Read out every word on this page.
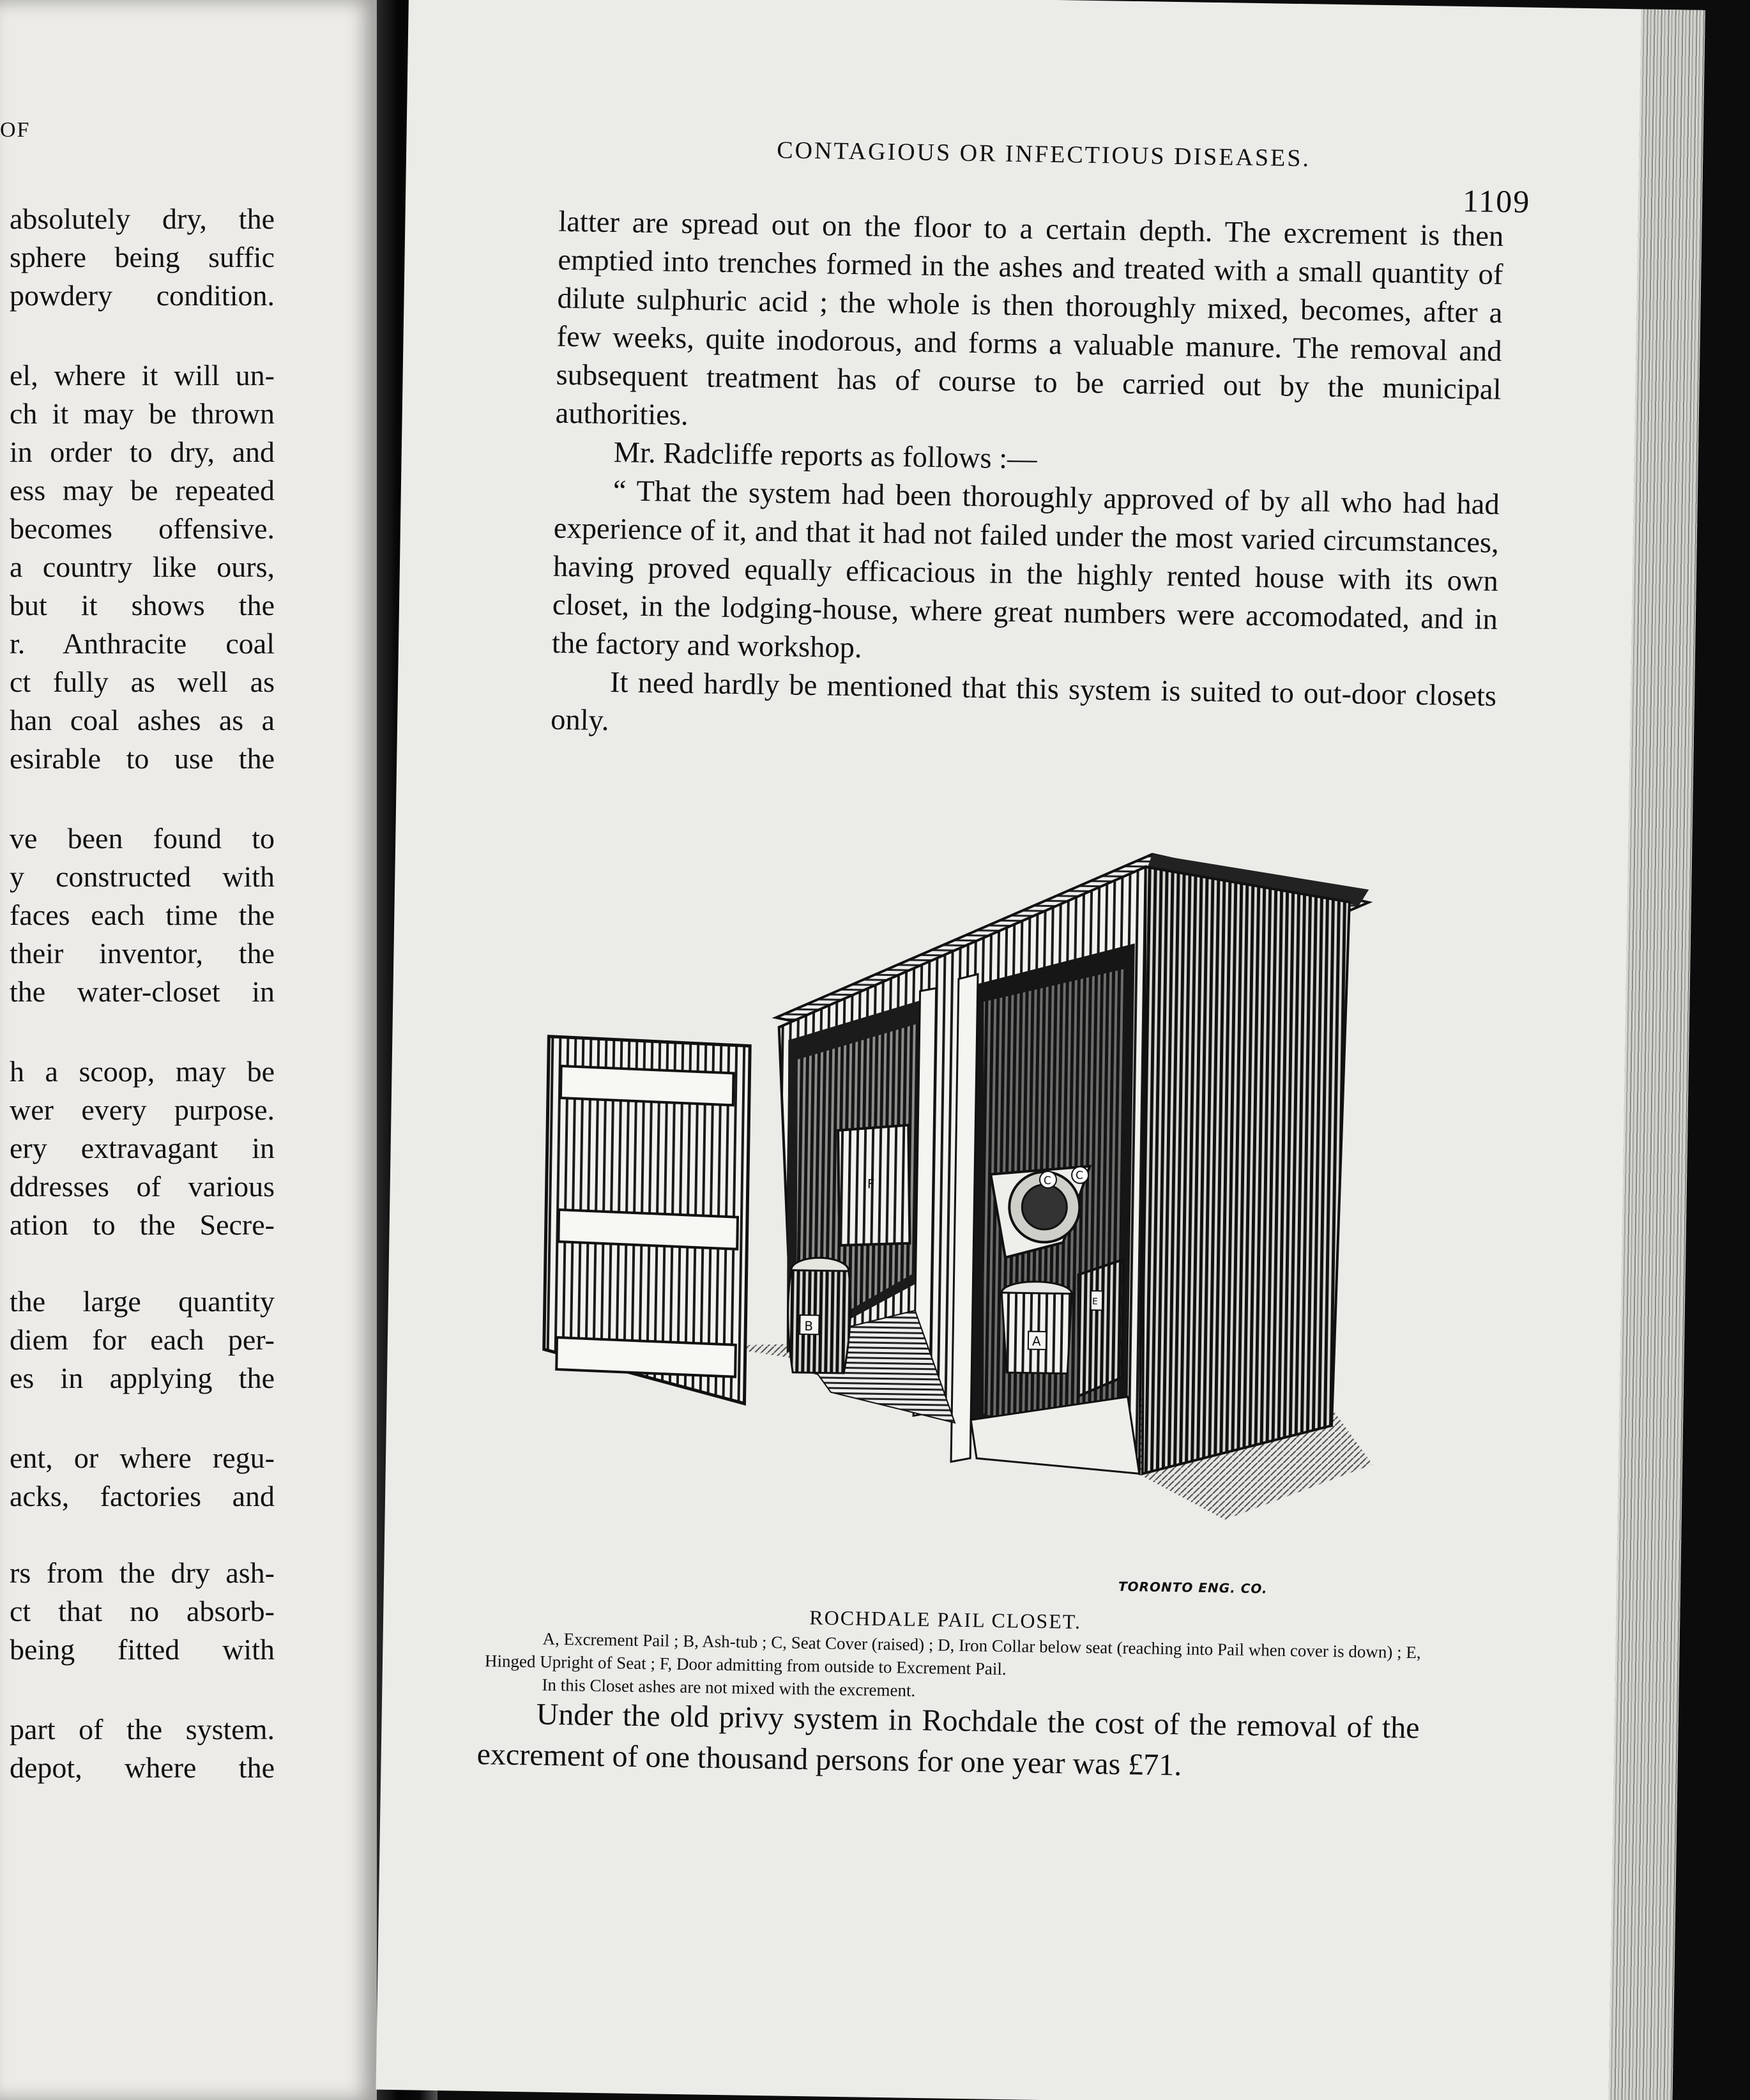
OF
absolutely dry, the
sphere being suffic
powdery condition.
el, where it will un-
ch it may be thrown
in order to dry, and
ess may be repeated
becomes offensive.
a country like ours,
but it shows the
r. Anthracite coal
ct fully as well as
han coal ashes as a
esirable to use the
ve been found to
y constructed with
faces each time the
their inventor, the
the water-closet in
h a scoop, may be
wer every purpose.
ery extravagant in
ddresses of various
ation to the Secre-
the large quantity
diem for each per-
es in applying the
ent, or where regu-
acks, factories and
rs from the dry ash-
ct that no absorb-
being fitted with
part of the system.
depot, where the
CONTAGIOUS OR INFECTIOUS DISEASES.
1109

latter are spread out on the floor to a certain depth. The excrement is then emptied into trenches formed in the ashes and treated with a small quantity of dilute sulphuric acid ; the whole is then thoroughly mixed, becomes, after a few weeks, quite inodorous, and forms a valuable manure. The removal and subsequent treatment has of course to be carried out by the municipal authorities.

Mr. Radcliffe reports as follows :—

“ That the system had been thoroughly approved of by all who had had experience of it, and that it had not failed under the most varied circumstances, having proved equally efficacious in the highly rented house with its own closet, in the lodging-house, where great numbers were accomodated, and in the factory and workshop.

It need hardly be mentioned that this system is suited to out-door closets only.

F
B
C C
A
E
TORONTO ENG. CO.
ROCHDALE PAIL CLOSET.

A, Excrement Pail ; B, Ash-tub ; C, Seat Cover (raised) ; D, Iron Collar below seat (reaching into Pail when cover is down) ; E, Hinged Upright of Seat ; F, Door admitting from outside to Excrement Pail.

In this Closet ashes are not mixed with the excrement.

Under the old privy system in Rochdale the cost of the removal of the excrement of one thousand persons for one year was £71.
